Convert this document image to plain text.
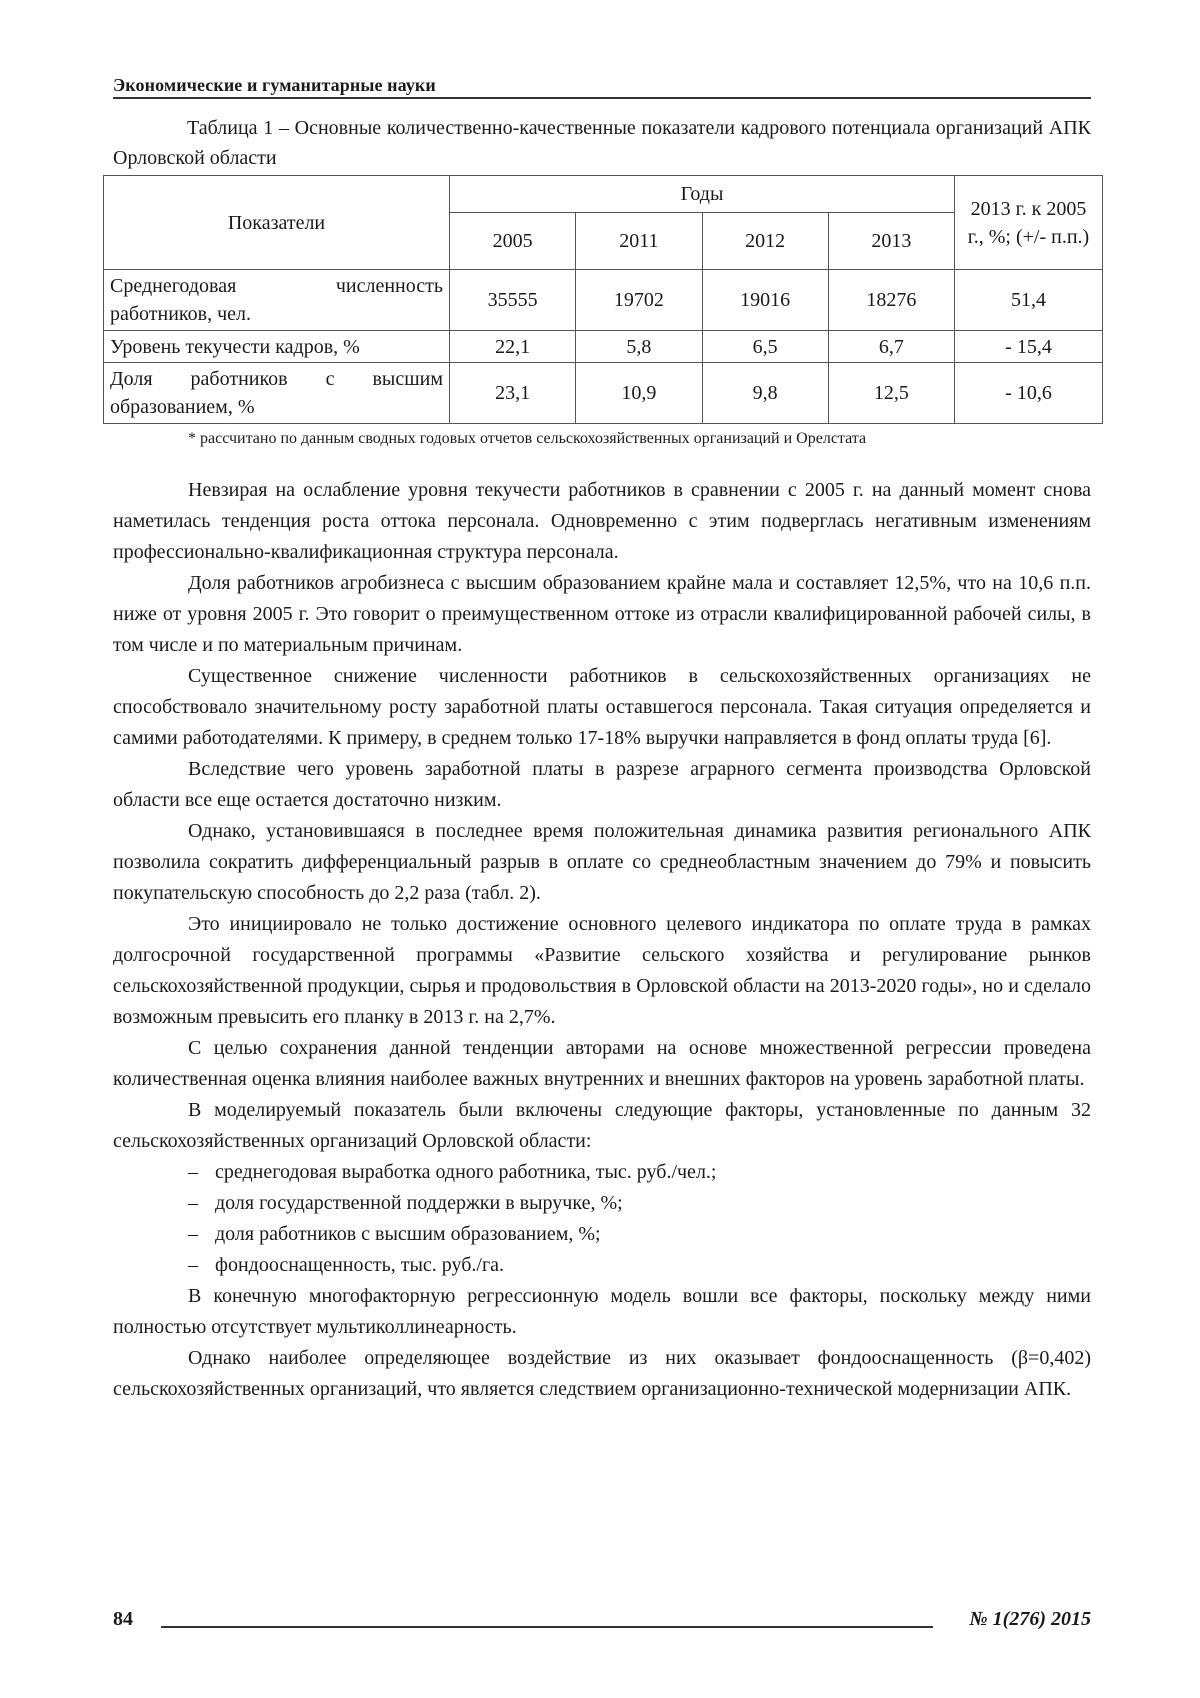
Экономические и гуманитарные науки
Таблица 1 – Основные количественно-качественные показатели кадрового потенциала организаций АПК Орловской области
Показатели	Годы				2013 г. к 2005 г., %; (+/- п.п.)
	2005	2011	2012	2013	
Среднегодовая численность работников, чел.	35555	19702	19016	18276	51,4
Уровень текучести кадров, %	22,1	5,8	6,5	6,7	- 15,4
Доля работников с высшим образованием, %	23,1	10,9	9,8	12,5	- 10,6
* рассчитано по данным сводных годовых отчетов сельскохозяйственных организаций и Орелстата

Невзирая на ослабление уровня текучести работников в сравнении с 2005 г. на данный момент снова наметилась тенденция роста оттока персонала. Одновременно с этим подверглась негативным изменениям профессионально-квалификационная структура персонала.

Доля работников агробизнеса с высшим образованием крайне мала и составляет 12,5%, что на 10,6 п.п. ниже от уровня 2005 г. Это говорит о преимущественном оттоке из отрасли квалифицированной рабочей силы, в том числе и по материальным причинам.

Существенное снижение численности работников в сельскохозяйственных организациях не способствовало значительному росту заработной платы оставшегося персонала. Такая ситуация определяется и самими работодателями. К примеру, в среднем только 17-18% выручки направляется в фонд оплаты труда [6].

Вследствие чего уровень заработной платы в разрезе аграрного сегмента производства Орловской области все еще остается достаточно низким.

Однако, установившаяся в последнее время положительная динамика развития регионального АПК позволила сократить дифференциальный разрыв в оплате со среднеобластным значением до 79% и повысить покупательскую способность до 2,2 раза (табл. 2).

Это инициировало не только достижение основного целевого индикатора по оплате труда в рамках долгосрочной государственной программы «Развитие сельского хозяйства и регулирование рынков сельскохозяйственной продукции, сырья и продовольствия в Орловской области на 2013-2020 годы», но и сделало возможным превысить его планку в 2013 г. на 2,7%.

С целью сохранения данной тенденции авторами на основе множественной регрессии проведена количественная оценка влияния наиболее важных внутренних и внешних факторов на уровень заработной платы.

В моделируемый показатель были включены следующие факторы, установленные по данным 32 сельскохозяйственных организаций Орловской области:

– среднегодовая выработка одного работника, тыс. руб./чел.;
– доля государственной поддержки в выручке, %;
– доля работников с высшим образованием, %;
– фондооснащенность, тыс. руб./га.

В конечную многофакторную регрессионную модель вошли все факторы, поскольку между ними полностью отсутствует мультиколлинеарность.

Однако наиболее определяющее воздействие из них оказывает фондооснащенность (β=0,402) сельскохозяйственных организаций, что является следствием организационно-технической модернизации АПК.

84	№ 1(276) 2015
